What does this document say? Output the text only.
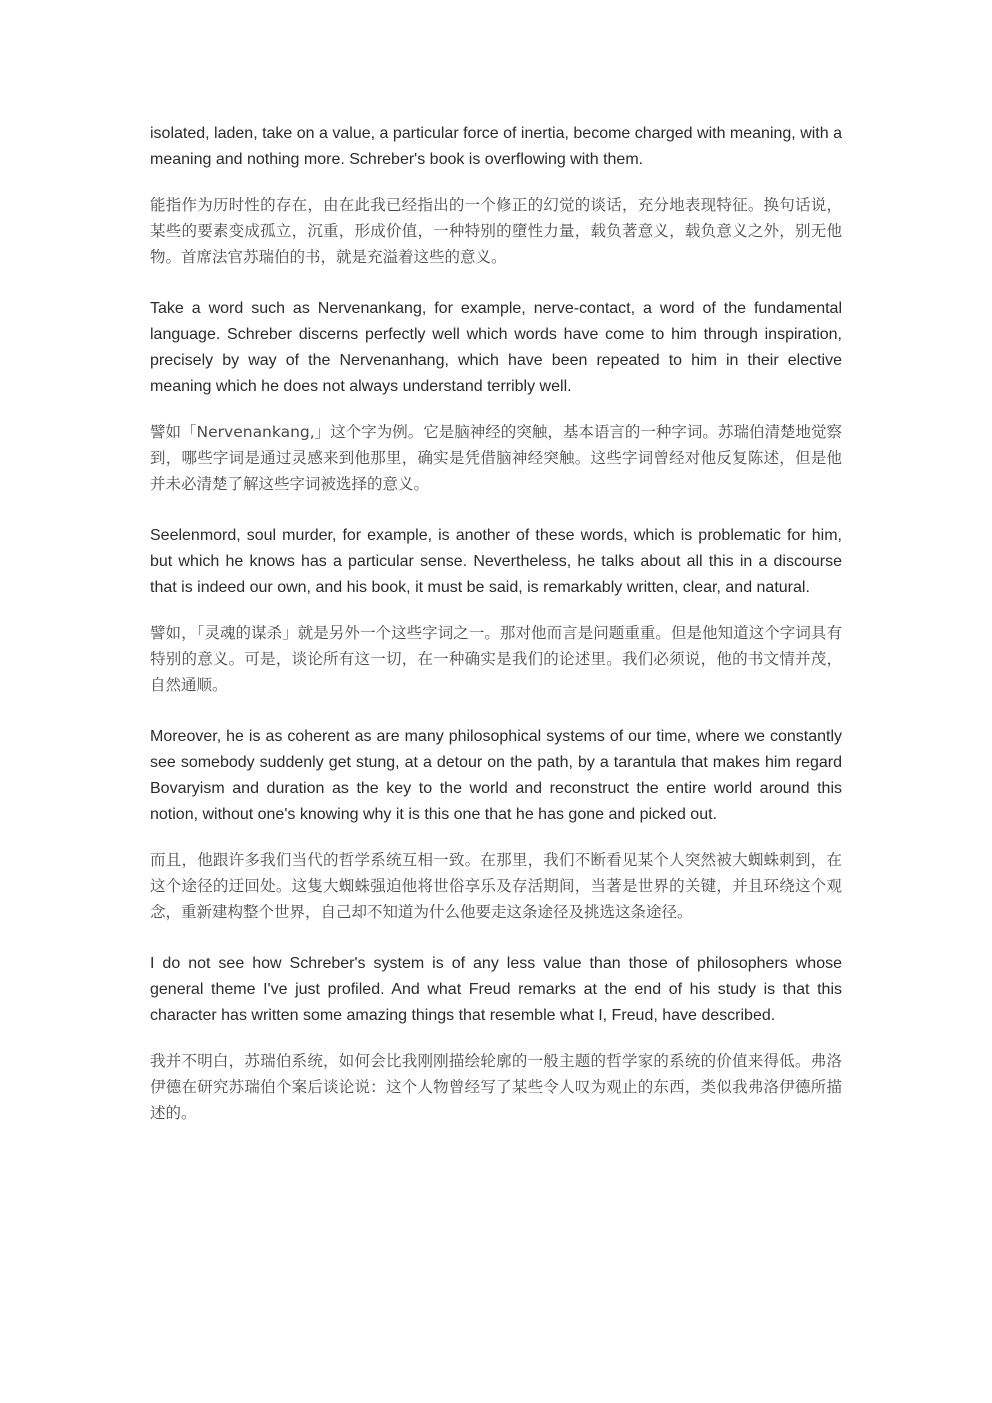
isolated, laden, take on a value, a particular force of inertia, become charged with meaning, with a meaning and nothing more. Schreber's book is overflowing with them.

能指作为历时性的存在，由在此我已经指出的一个修正的幻觉的谈话，充分地表现特征。换句话说，某些的要素变成孤立，沉重，形成价值，一种特别的墮性力量，载负著意义，载负意义之外，别无他物。首席法官苏瑞伯的书，就是充溢着这些的意义。

Take a word such as Nervenankang, for example, nerve-contact, a word of the fundamental language. Schreber discerns perfectly well which words have come to him through inspiration, precisely by way of the Nervenanhang, which have been repeated to him in their elective meaning which he does not always understand terribly well.

譬如「Nervenankang,」这个字为例。它是脑神经的突触，基本语言的一种字词。苏瑞伯清楚地觉察到，哪些字词是通过灵感来到他那里，确实是凭借脑神经突触。这些字词曾经对他反复陈述，但是他并未必清楚了解这些字词被选择的意义。

Seelenmord, soul murder, for example, is another of these words, which is problematic for him, but which he knows has a particular sense. Nevertheless, he talks about all this in a discourse that is indeed our own, and his book, it must be said, is remarkably written, clear, and natural.

譬如，「灵魂的谋杀」就是另外一个这些字词之一。那对他而言是问题重重。但是他知道这个字词具有特别的意义。可是，谈论所有这一切，在一种确实是我们的论述里。我们必须说，他的书文情并茂，自然通顺。

Moreover, he is as coherent as are many philosophical systems of our time, where we constantly see somebody suddenly get stung, at a detour on the path, by a tarantula that makes him regard Bovaryism and duration as the key to the world and reconstruct the entire world around this notion, without one's knowing why it is this one that he has gone and picked out.

而且，他跟许多我们当代的哲学系统互相一致。在那里，我们不断看见某个人突然被大蜘蛛刺到，在这个途径的迂回处。这隻大蜘蛛强迫他将世俗享乐及存活期间，当著是世界的关键，并且环绕这个观念，重新建构整个世界，自己却不知道为什么他要走这条途径及挑选这条途径。

I do not see how Schreber's system is of any less value than those of philosophers whose general theme I've just profiled. And what Freud remarks at the end of his study is that this character has written some amazing things that resemble what I, Freud, have described.

我并不明白，苏瑞伯系统，如何会比我刚刚描绘轮廓的一般主题的哲学家的系统的价值来得低。弗洛伊德在研究苏瑞伯个案后谈论说：这个人物曾经写了某些令人叹为观止的东西，类似我弗洛伊德所描述的。
